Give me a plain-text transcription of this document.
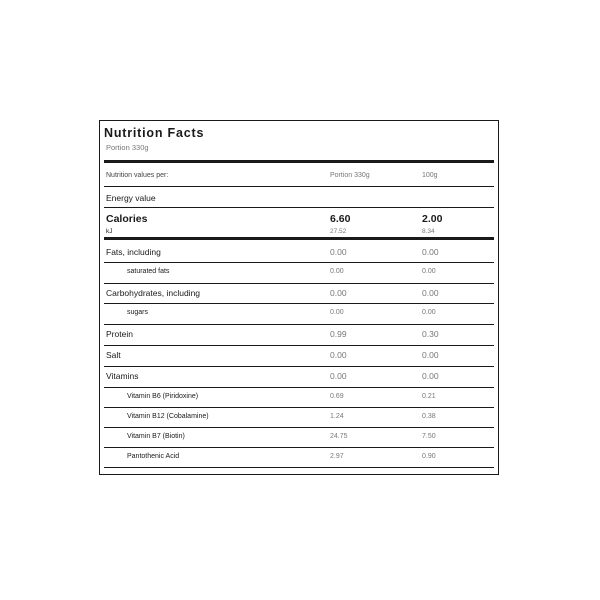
Nutrition Facts
Portion 330g
Nutrition values per:	Portion 330g	100g
Energy value
Calories	6.60	2.00
kJ	27.52	8.34
Fats, including	0.00	0.00
saturated fats	0.00	0.00
Carbohydrates, including	0.00	0.00
sugars	0.00	0.00
Protein	0.99	0.30
Salt	0.00	0.00
Vitamins	0.00	0.00
Vitamin B6 (Piridoxine)	0.69	0.21
Vitamin B12 (Cobalamine)	1.24	0.38
Vitamin B7 (Biotin)	24.75	7.50
Pantothenic Acid	2.97	0.90
